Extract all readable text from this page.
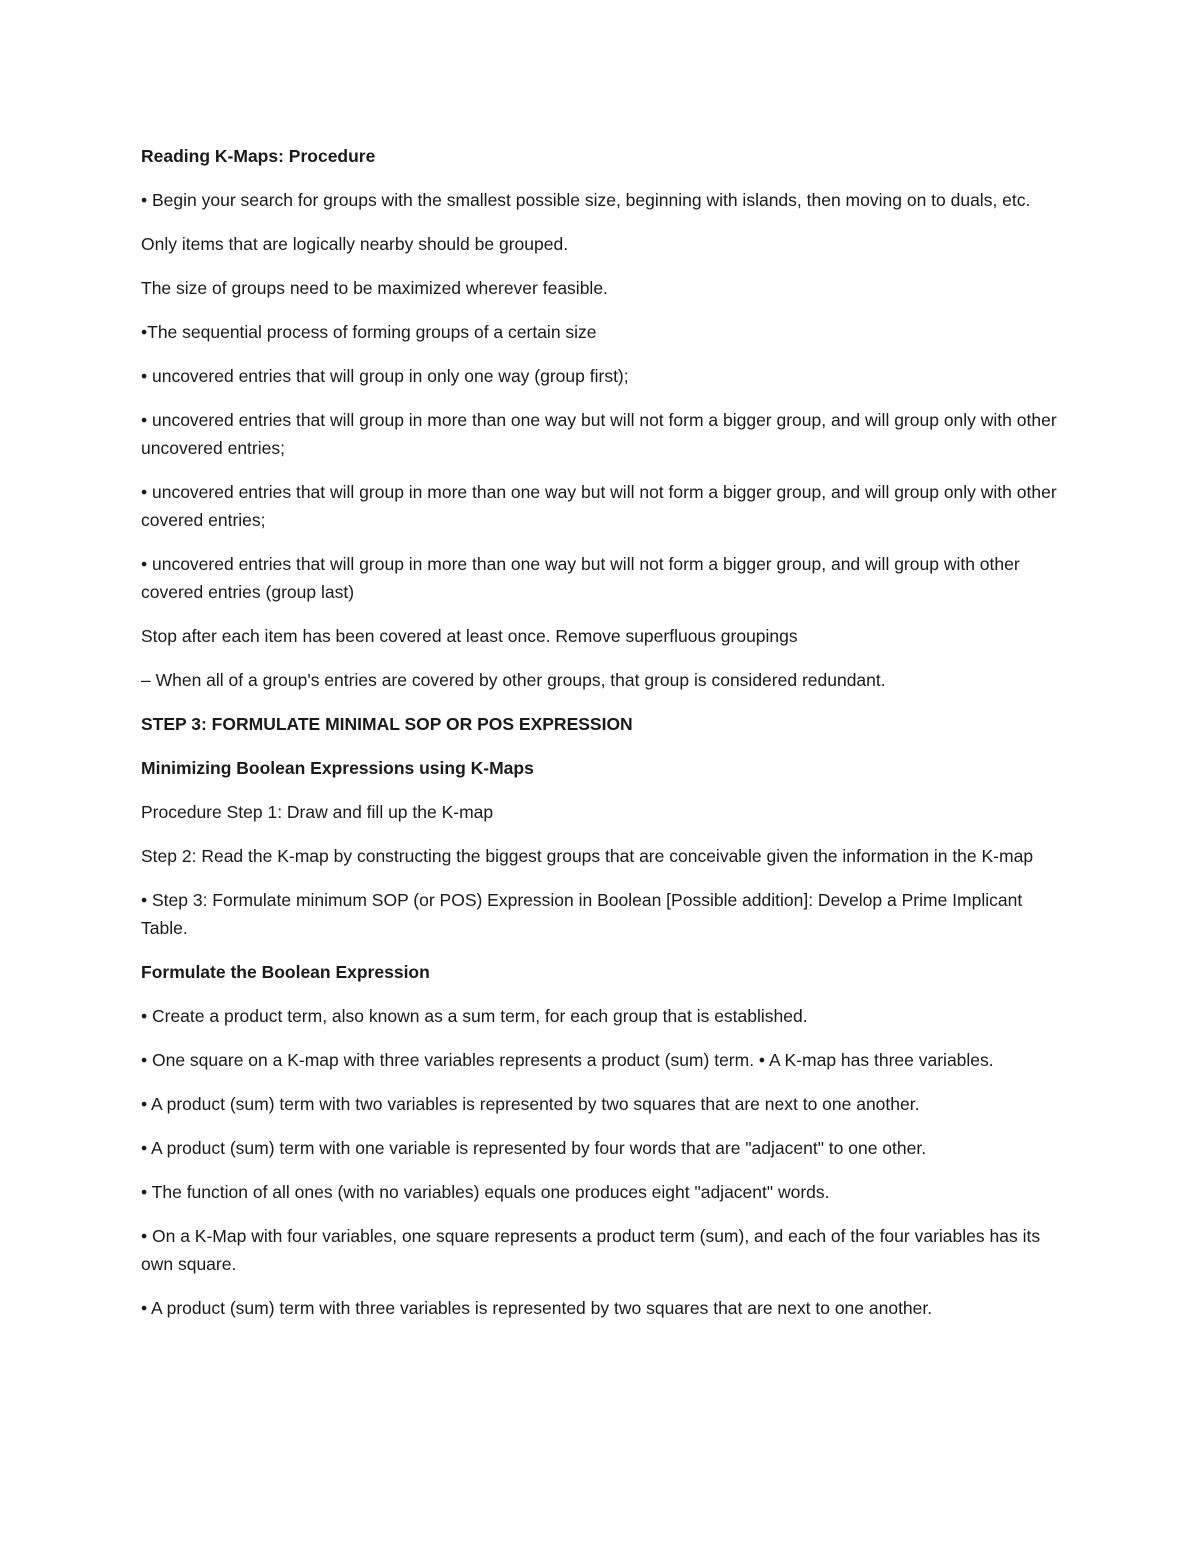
Reading K-Maps: Procedure

• Begin your search for groups with the smallest possible size, beginning with islands, then moving on to duals, etc.

Only items that are logically nearby should be grouped.

The size of groups need to be maximized wherever feasible.

•The sequential process of forming groups of a certain size

• uncovered entries that will group in only one way (group first);

• uncovered entries that will group in more than one way but will not form a bigger group, and will group only with other uncovered entries;

• uncovered entries that will group in more than one way but will not form a bigger group, and will group only with other covered entries;

• uncovered entries that will group in more than one way but will not form a bigger group, and will group with other covered entries (group last)

Stop after each item has been covered at least once. Remove superfluous groupings

– When all of a group's entries are covered by other groups, that group is considered redundant.

STEP 3: FORMULATE MINIMAL SOP OR POS EXPRESSION

Minimizing Boolean Expressions using K-Maps

Procedure Step 1: Draw and fill up the K-map

Step 2: Read the K-map by constructing the biggest groups that are conceivable given the information in the K-map

• Step 3: Formulate minimum SOP (or POS) Expression in Boolean [Possible addition]: Develop a Prime Implicant Table.

Formulate the Boolean Expression

• Create a product term, also known as a sum term, for each group that is established.

• One square on a K-map with three variables represents a product (sum) term. • A K-map has three variables.

• A product (sum) term with two variables is represented by two squares that are next to one another.

• A product (sum) term with one variable is represented by four words that are "adjacent" to one other.

• The function of all ones (with no variables) equals one produces eight "adjacent" words.

• On a K-Map with four variables, one square represents a product term (sum), and each of the four variables has its own square.

• A product (sum) term with three variables is represented by two squares that are next to one another.
